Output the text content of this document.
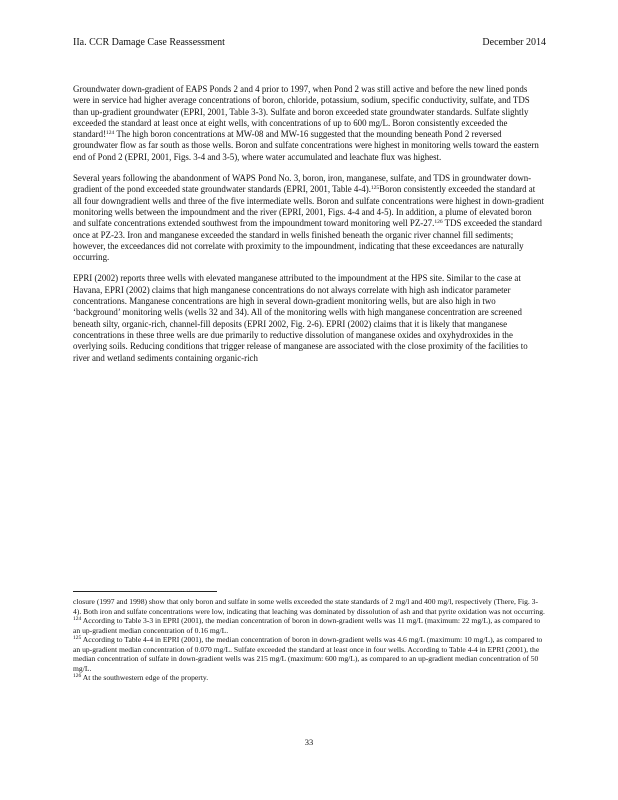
IIa. CCR Damage Case Reassessment	December 2014

Groundwater down-gradient of EAPS Ponds 2 and 4 prior to 1997, when Pond 2 was still active and before the new lined ponds were in service had higher average concentrations of boron, chloride, potassium, sodium, specific conductivity, sulfate, and TDS than up-gradient groundwater (EPRI, 2001, Table 3-3). Sulfate and boron exceeded state groundwater standards. Sulfate slightly exceeded the standard at least once at eight wells, with concentrations of up to 600 mg/L. Boron consistently exceeded the standard!$^{124}$ The high boron concentrations at MW-08 and MW-16 suggested that the mounding beneath Pond 2 reversed groundwater flow as far south as those wells. Boron and sulfate concentrations were highest in monitoring wells toward the eastern end of Pond 2 (EPRI, 2001, Figs. 3-4 and 3-5), where water accumulated and leachate flux was highest.

Several years following the abandonment of WAPS Pond No. 3, boron, iron, manganese, sulfate, and TDS in groundwater down-gradient of the pond exceeded state groundwater standards (EPRI, 2001, Table 4-4).$^{125}$Boron consistently exceeded the standard at all four downgradient wells and three of the five intermediate wells. Boron and sulfate concentrations were highest in down-gradient monitoring wells between the impoundment and the river (EPRI, 2001, Figs. 4-4 and 4-5). In addition, a plume of elevated boron and sulfate concentrations extended southwest from the impoundment toward monitoring well PZ-27.$^{126}$ TDS exceeded the standard once at PZ-23. Iron and manganese exceeded the standard in wells finished beneath the organic river channel fill sediments; however, the exceedances did not correlate with proximity to the impoundment, indicating that these exceedances are naturally occurring.

EPRI (2002) reports three wells with elevated manganese attributed to the impoundment at the HPS site. Similar to the case at Havana, EPRI (2002) claims that high manganese concentrations do not always correlate with high ash indicator parameter concentrations. Manganese concentrations are high in several down-gradient monitoring wells, but are also high in two ‘background’ monitoring wells (wells 32 and 34). All of the monitoring wells with high manganese concentration are screened beneath silty, organic-rich, channel-fill deposits (EPRI 2002, Fig. 2-6). EPRI (2002) claims that it is likely that manganese concentrations in these three wells are due primarily to reductive dissolution of manganese oxides and oxyhydroxides in the overlying soils. Reducing conditions that trigger release of manganese are associated with the close proximity of the facilities to river and wetland sediments containing organic-rich

closure (1997 and 1998) show that only boron and sulfate in some wells exceeded the state standards of 2 mg/l and 400 mg/l, respectively (There, Fig. 3-4). Both iron and sulfate concentrations were low, indicating that leaching was dominated by dissolution of ash and that pyrite oxidation was not occurring.

$^{124}$ According to Table 3-3 in EPRI (2001), the median concentration of boron in down-gradient wells was 11 mg/L (maximum: 22 mg/L), as compared to an up-gradient median concentration of 0.16 mg/L.

$^{125}$ According to Table 4-4 in EPRI (2001), the median concentration of boron in down-gradient wells was 4.6 mg/L (maximum: 10 mg/L), as compared to an up-gradient median concentration of 0.070 mg/L. Sulfate exceeded the standard at least once in four wells. According to Table 4-4 in EPRI (2001), the median concentration of sulfate in down-gradient wells was 215 mg/L (maximum: 600 mg/L), as compared to an up-gradient median concentration of 50 mg/L.

$^{126}$ At the southwestern edge of the property.

33
